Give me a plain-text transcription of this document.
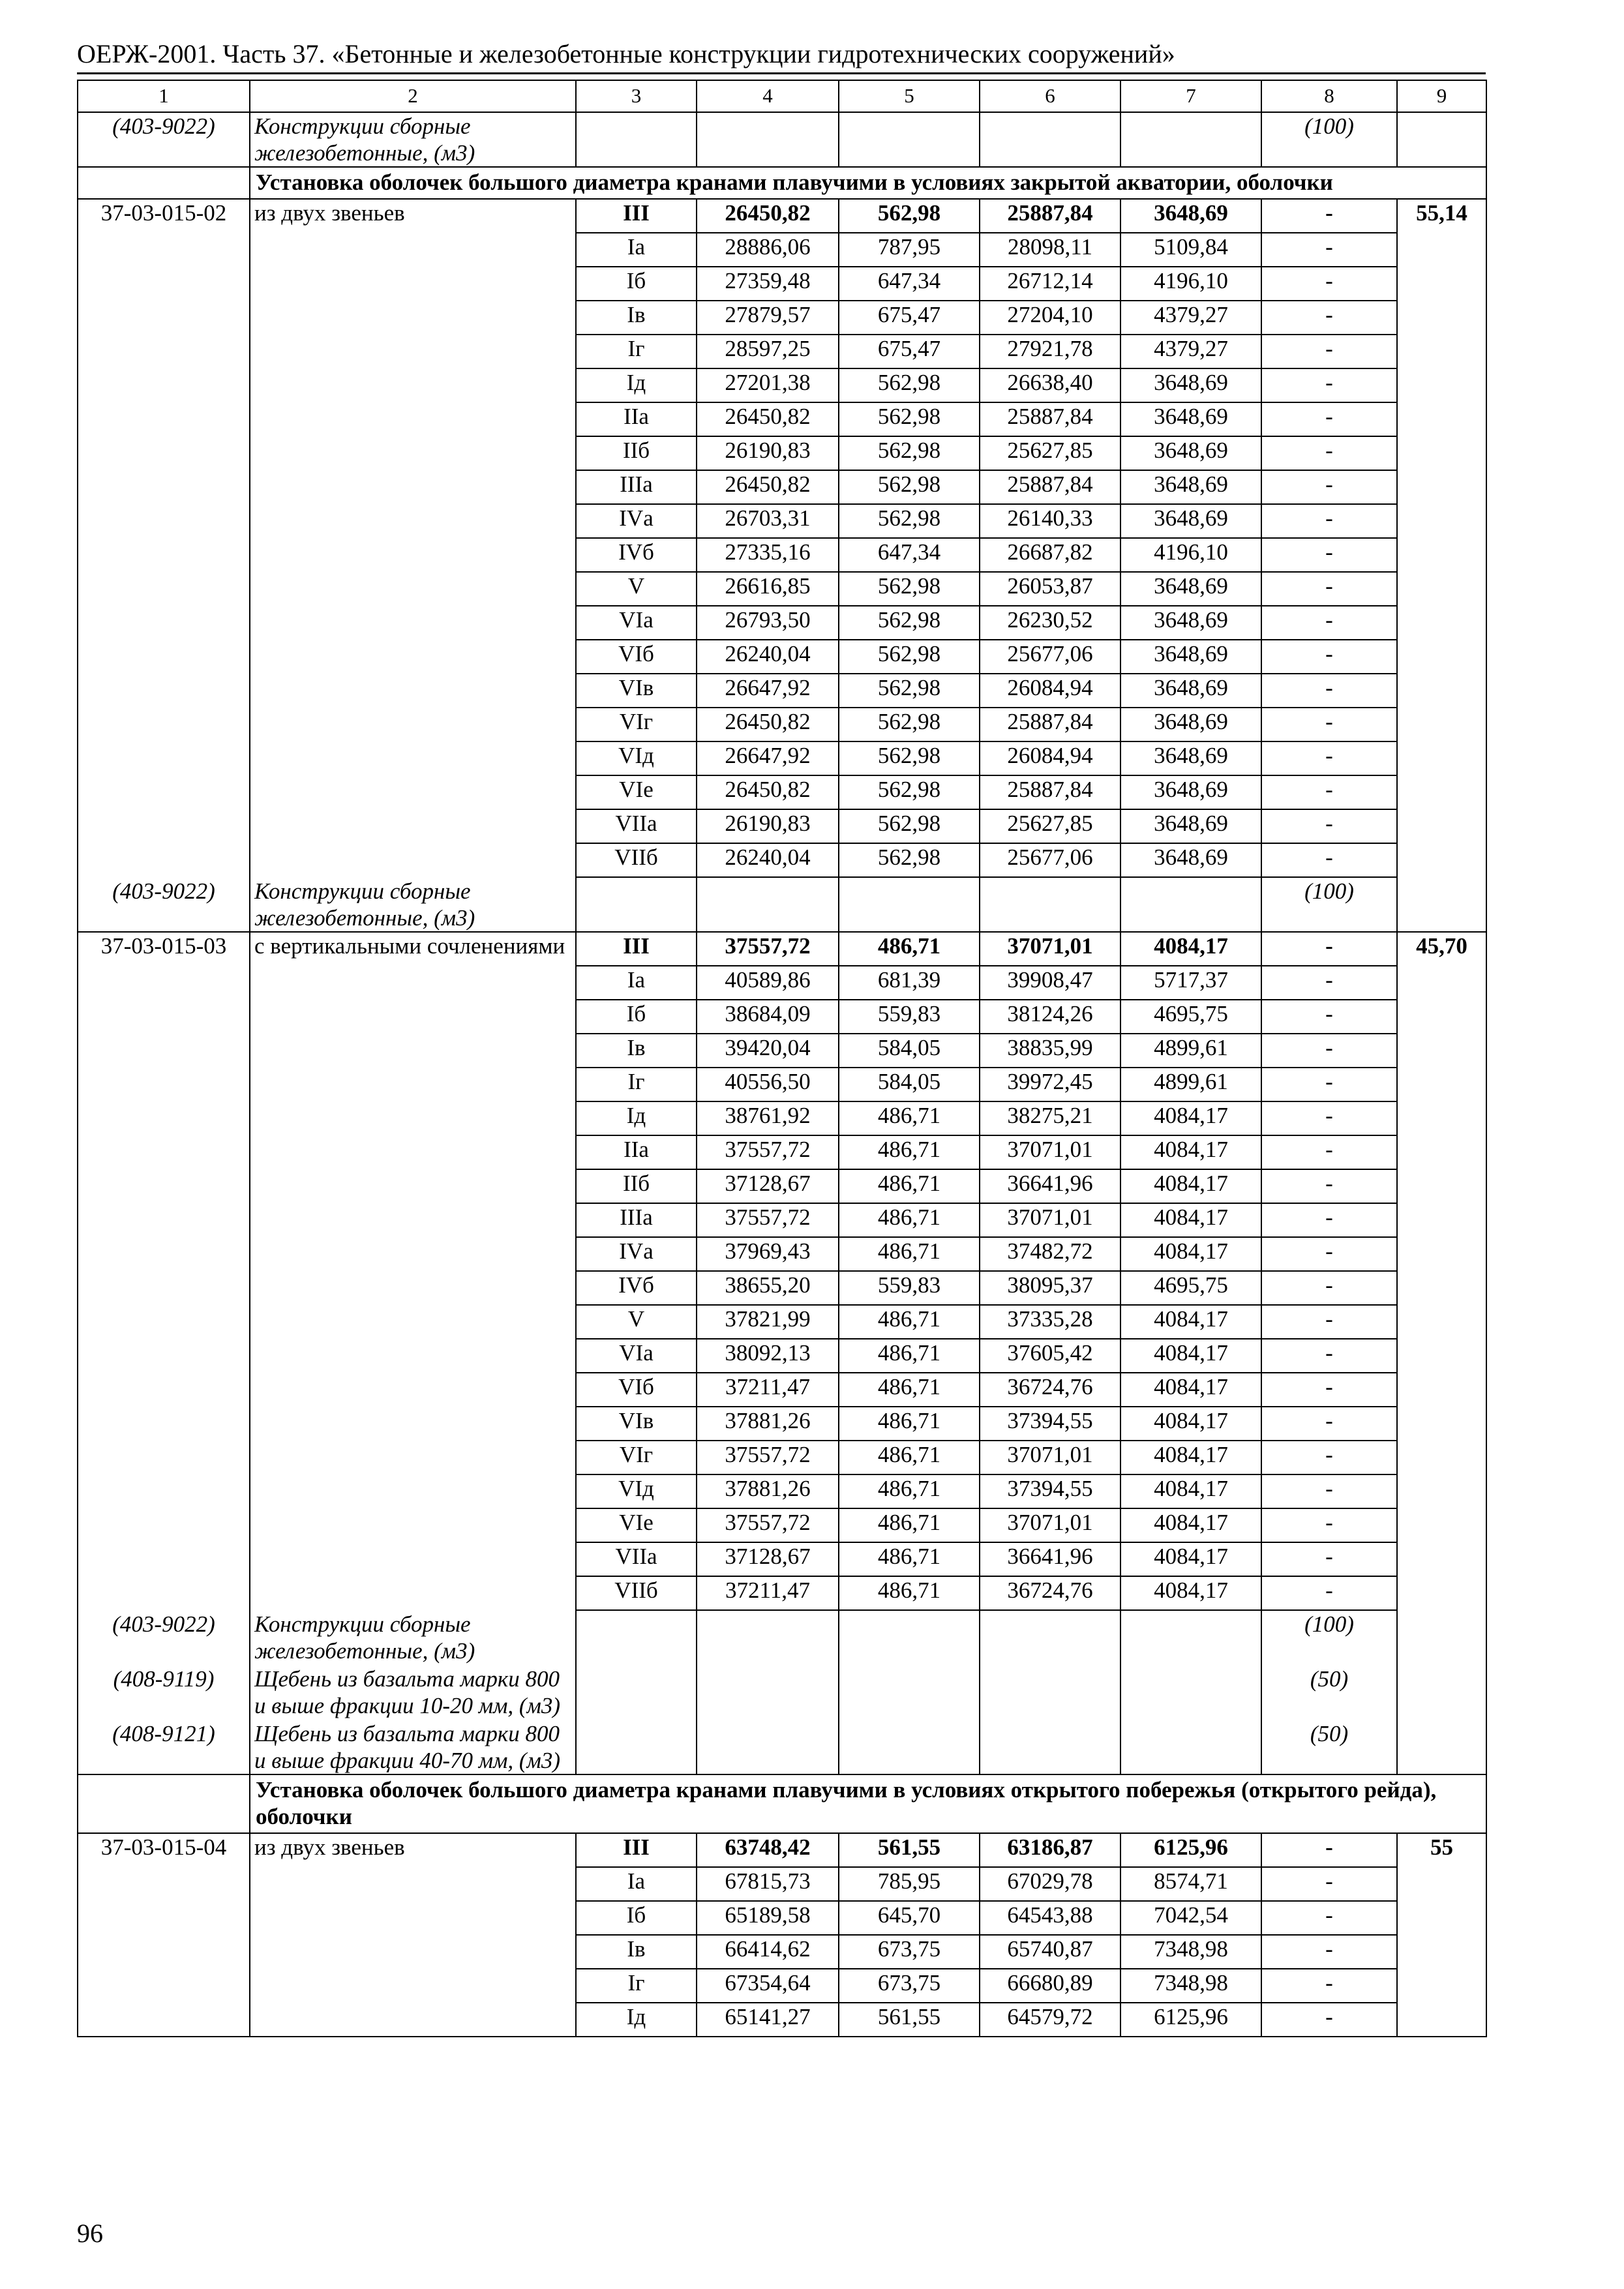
ОЕРЖ-2001. Часть 37. «Бетонные и железобетонные конструкции гидротехнических сооружений»
1	2	3	4	5	6	7	8	9
(403-9022)	Конструкции сборные железобетонные, (м3)						(100)	
	Установка оболочек большого диаметра кранами плавучими в условиях закрытой акватории, оболочки							
37-03-015-02	из двух звеньев	III	26450,82	562,98	25887,84	3648,69	-	55,14
		Iа	28886,06	787,95	28098,11	5109,84	-	
		Iб	27359,48	647,34	26712,14	4196,10	-	
		Iв	27879,57	675,47	27204,10	4379,27	-	
		Iг	28597,25	675,47	27921,78	4379,27	-	
		Iд	27201,38	562,98	26638,40	3648,69	-	
		IIа	26450,82	562,98	25887,84	3648,69	-	
		IIб	26190,83	562,98	25627,85	3648,69	-	
		IIIа	26450,82	562,98	25887,84	3648,69	-	
		IVа	26703,31	562,98	26140,33	3648,69	-	
		IVб	27335,16	647,34	26687,82	4196,10	-	
		V	26616,85	562,98	26053,87	3648,69	-	
		VIа	26793,50	562,98	26230,52	3648,69	-	
		VIб	26240,04	562,98	25677,06	3648,69	-	
		VIв	26647,92	562,98	26084,94	3648,69	-	
		VIг	26450,82	562,98	25887,84	3648,69	-	
		VIд	26647,92	562,98	26084,94	3648,69	-	
		VIе	26450,82	562,98	25887,84	3648,69	-	
		VIIа	26190,83	562,98	25627,85	3648,69	-	
		VIIб	26240,04	562,98	25677,06	3648,69	-	
(403-9022)	Конструкции сборные железобетонные, (м3)						(100)	
37-03-015-03	с вертикальными сочленениями	III	37557,72	486,71	37071,01	4084,17	-	45,70
		Iа	40589,86	681,39	39908,47	5717,37	-	
		Iб	38684,09	559,83	38124,26	4695,75	-	
		Iв	39420,04	584,05	38835,99	4899,61	-	
		Iг	40556,50	584,05	39972,45	4899,61	-	
		Iд	38761,92	486,71	38275,21	4084,17	-	
		IIа	37557,72	486,71	37071,01	4084,17	-	
		IIб	37128,67	486,71	36641,96	4084,17	-	
		IIIа	37557,72	486,71	37071,01	4084,17	-	
		IVа	37969,43	486,71	37482,72	4084,17	-	
		IVб	38655,20	559,83	38095,37	4695,75	-	
		V	37821,99	486,71	37335,28	4084,17	-	
		VIа	38092,13	486,71	37605,42	4084,17	-	
		VIб	37211,47	486,71	36724,76	4084,17	-	
		VIв	37881,26	486,71	37394,55	4084,17	-	
		VIг	37557,72	486,71	37071,01	4084,17	-	
		VIд	37881,26	486,71	37394,55	4084,17	-	
		VIе	37557,72	486,71	37071,01	4084,17	-	
		VIIа	37128,67	486,71	36641,96	4084,17	-	
		VIIб	37211,47	486,71	36724,76	4084,17	-	
(403-9022)	Конструкции сборные железобетонные, (м3)						(100)	
(408-9119)	Щебень из базальта марки 800 и выше фракции 10-20 мм, (м3)						(50)	
(408-9121)	Щебень из базальта марки 800 и выше фракции 40-70 мм, (м3)						(50)	
	Установка оболочек большого диаметра кранами плавучими в условиях открытого побережья (открытого рейда), оболочки							
37-03-015-04	из двух звеньев	III	63748,42	561,55	63186,87	6125,96	-	55
		Iа	67815,73	785,95	67029,78	8574,71	-	
		Iб	65189,58	645,70	64543,88	7042,54	-	
		Iв	66414,62	673,75	65740,87	7348,98	-	
		Iг	67354,64	673,75	66680,89	7348,98	-	
		Iд	65141,27	561,55	64579,72	6125,96	-	
96
